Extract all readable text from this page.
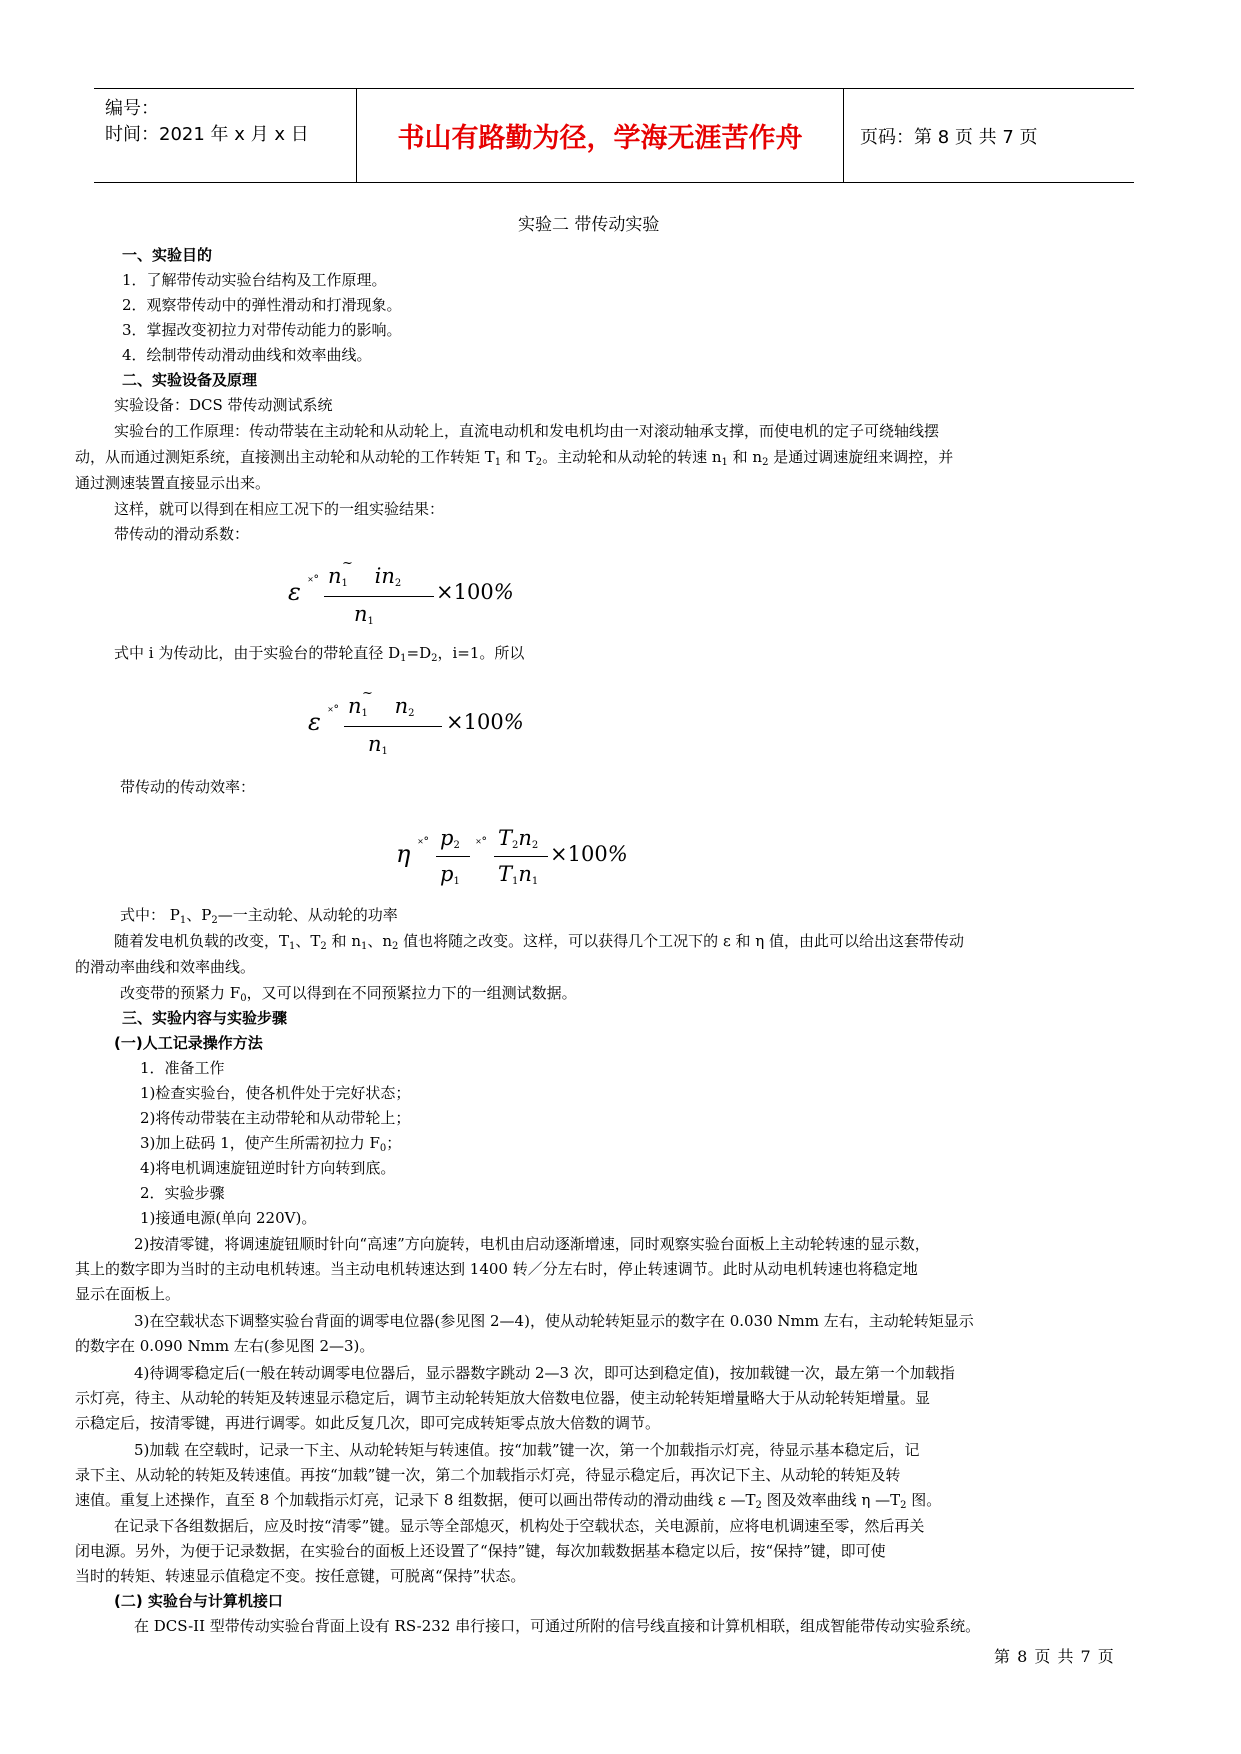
编号：
时间：2021 年 x 月 x 日	书山有路勤为径，学海无涯苦作舟	页码：第 8 页 共 7 页
实验二 带传动实验
一、实验目的
1．了解带传动实验台结构及工作原理。
2．观察带传动中的弹性滑动和打滑现象。
3．掌握改变初拉力对带传动能力的影响。
4．绘制带传动滑动曲线和效率曲线。
二、实验设备及原理
实验设备：DCS 带传动测试系统
实验台的工作原理：传动带装在主动轮和从动轮上，直流电动机和发电机均由一对滚动轴承支撑，而使电机的定子可绕轴线摆
动，从而通过测矩系统，直接测出主动轮和从动轮的工作转矩 $T_1$ 和 $T_2$。主动轮和从动轮的转速 $n_1$ 和 $n_2$ 是通过调速旋纽来调控，并
通过测速装置直接显示出来。
这样，就可以得到在相应工况下的一组实验结果：
带传动的滑动系数：
ε ˟˚
~
$n_1$ $in_2$
$n_1$
×100%
式中 i 为传动比，由于实验台的带轮直径 $D_1=D_2$，i=1。所以
ε ˟˚
~
$n_1$ $n_2$
$n_1$
×100%
带传动的传动效率：
η ˟˚ $p_2$
$p_1$
˟˚ $T_2n_2$
$T_1n_1$
×100%
式中： $P_1$、$P_2—$一主动轮、从动轮的功率
随着发电机负载的改变，$T_1$、$T_2$ 和 $n_1$、$n_2$ 值也将随之改变。这样，可以获得几个工况下的 ε 和 η 值，由此可以给出这套带传动
的滑动率曲线和效率曲线。
改变带的预紧力 $F_0$，又可以得到在不同预紧拉力下的一组测试数据。
三、实验内容与实验步骤
(一)人工记录操作方法
1．准备工作
1)检查实验台，使各机件处于完好状态；
2)将传动带装在主动带轮和从动带轮上；
3)加上砝码 1，使产生所需初拉力 $F_0$；
4)将电机调速旋钮逆时针方向转到底。
2．实验步骤
1)接通电源(单向 220V)。
2)按清零键，将调速旋钮顺时针向“高速”方向旋转，电机由启动逐渐增速，同时观察实验台面板上主动轮转速的显示数，
其上的数字即为当时的主动电机转速。当主动电机转速达到 1400 转／分左右时，停止转速调节。此时从动电机转速也将稳定地
显示在面板上。
3)在空载状态下调整实验台背面的调零电位器(参见图 2—4)，使从动轮转矩显示的数字在 0.030 Nmm 左右，主动轮转矩显示
的数字在 0.090 Nmm 左右(参见图 2—3)。
4)待调零稳定后(一般在转动调零电位器后，显示器数字跳动 2—3 次，即可达到稳定值)，按加载键一次，最左第一个加载指
示灯亮，待主、从动轮的转矩及转速显示稳定后，调节主动轮转矩放大倍数电位器，使主动轮转矩增量略大于从动轮转矩增量。显
示稳定后，按清零键，再进行调零。如此反复几次，即可完成转矩零点放大倍数的调节。
5)加载 在空载时，记录一下主、从动轮转矩与转速值。按“加载”键一次，第一个加载指示灯亮，待显示基本稳定后，记
录下主、从动轮的转矩及转速值。再按“加载”键一次，第二个加载指示灯亮，待显示稳定后，再次记下主、从动轮的转矩及转
速值。重复上述操作，直至 8 个加载指示灯亮，记录下 8 组数据，便可以画出带传动的滑动曲线 ε $—T_2$ 图及效率曲线 η $—T_2$ 图。
在记录下各组数据后，应及时按“清零”键。显示等全部熄灭，机构处于空载状态，关电源前，应将电机调速至零，然后再关
闭电源。另外，为便于记录数据，在实验台的面板上还设置了“保持”键，每次加载数据基本稳定以后，按“保持”键，即可使
当时的转矩、转速显示值稳定不变。按任意键，可脱离“保持”状态。
(二) 实验台与计算机接口
在 DCS-II 型带传动实验台背面上设有 RS-232 串行接口，可通过所附的信号线直接和计算机相联，组成智能带传动实验系统。
第 8 页 共 7 页
